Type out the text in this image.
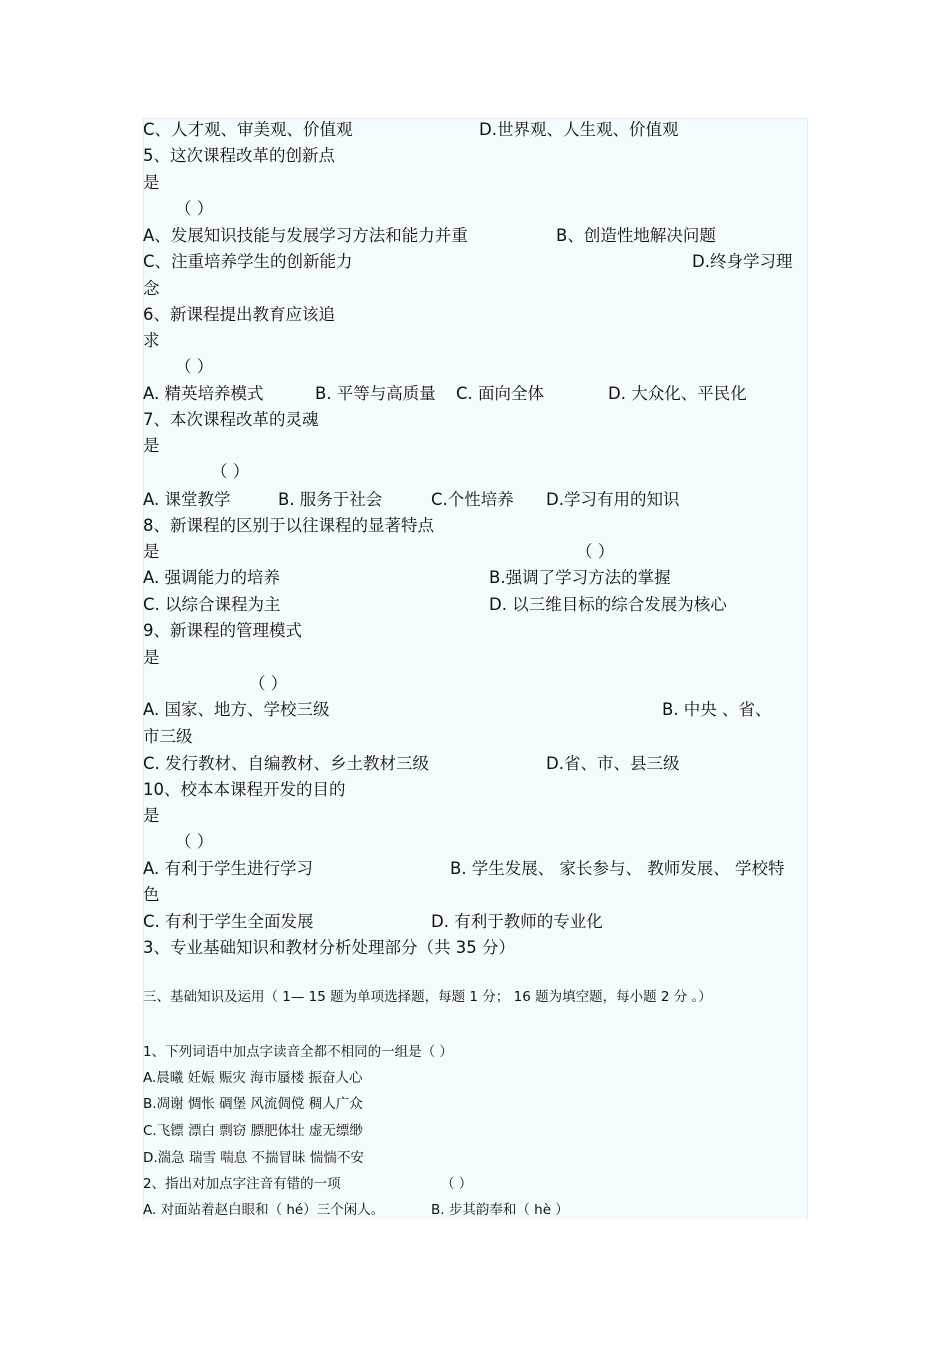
C、人才观、审美观、价值观	D.世界观、人生观、价值观
5、这次课程改革的创新点
是
（ ）
A、发展知识技能与发展学习方法和能力并重	B、创造性地解决问题
C、注重培养学生的创新能力	D.终身学习理
念
6、新课程提出教育应该追
求
（ ）
A. 精英培养模式	B. 平等与高质量 C. 面向全体	D. 大众化、平民化
7、本次课程改革的灵魂
是
（ ）
A. 课堂教学	B. 服务于社会	C.个性培养 D.学习有用的知识
8、新课程的区别于以往课程的显著特点
是	（ ）
A. 强调能力的培养	B.强调了学习方法的掌握
C. 以综合课程为主	D. 以三维目标的综合发展为核心
9、新课程的管理模式
是
（ ）
A. 国家、地方、学校三级	B. 中央 、省、
市三级
C. 发行教材、自编教材、乡土教材三级	D.省、市、县三级
10、校本本课程开发的目的
是
（ ）
A. 有利于学生进行学习	B. 学生发展、 家长参与、 教师发展、 学校特
色
C. 有利于学生全面发展	D. 有利于教师的专业化
3、专业基础知识和教材分析处理部分（共 35 分）
三、基础知识及运用（ 1— 15 题为单项选择题，每题 1 分； 16 题为填空题，每小题 2 分 。）
1、下列词语中加点字读音全都不相同的一组是（ ）
A.晨曦 妊娠 赈灾 海市蜃楼 振奋人心
B.凋谢 惆怅 碉堡 风流倜傥 稠人广众
C.飞镖 漂白 剽窃 膘肥体壮 虚无缥缈
D.湍急 瑞雪 喘息 不揣冒昧 惴惴不安
2、指出对加点字注音有错的一项	（ ）
A. 对面站着赵白眼和（ hé）三个闲人。	B. 步其韵奉和（ hè ）
